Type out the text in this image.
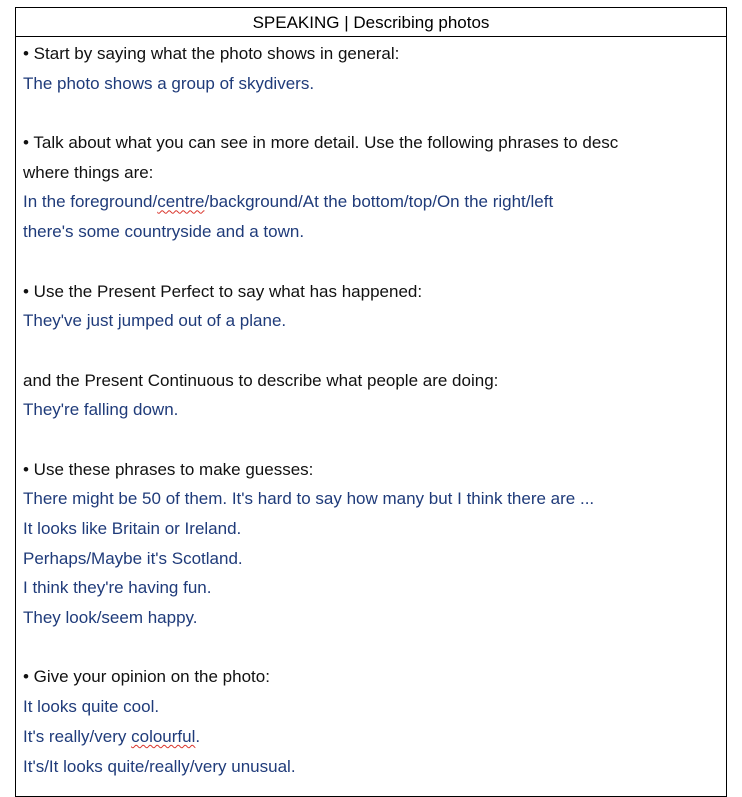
SPEAKING | Describing photos
• Start by saying what the photo shows in general:
The photo shows a group of skydivers.
• Talk about what you can see in more detail. Use the following phrases to desc
where things are:
In the foreground/centre/background/At the bottom/top/On the right/left
there's some countryside and a town.
• Use the Present Perfect to say what has happened:
They've just jumped out of a plane.
and the Present Continuous to describe what people are doing:
They're falling down.
• Use these phrases to make guesses:
There might be 50 of them. It's hard to say how many but I think there are ...
It looks like Britain or Ireland.
Perhaps/Maybe it's Scotland.
I think they're having fun.
They look/seem happy.
• Give your opinion on the photo:
It looks quite cool.
It's really/very colourful.
It's/It looks quite/really/very unusual.
